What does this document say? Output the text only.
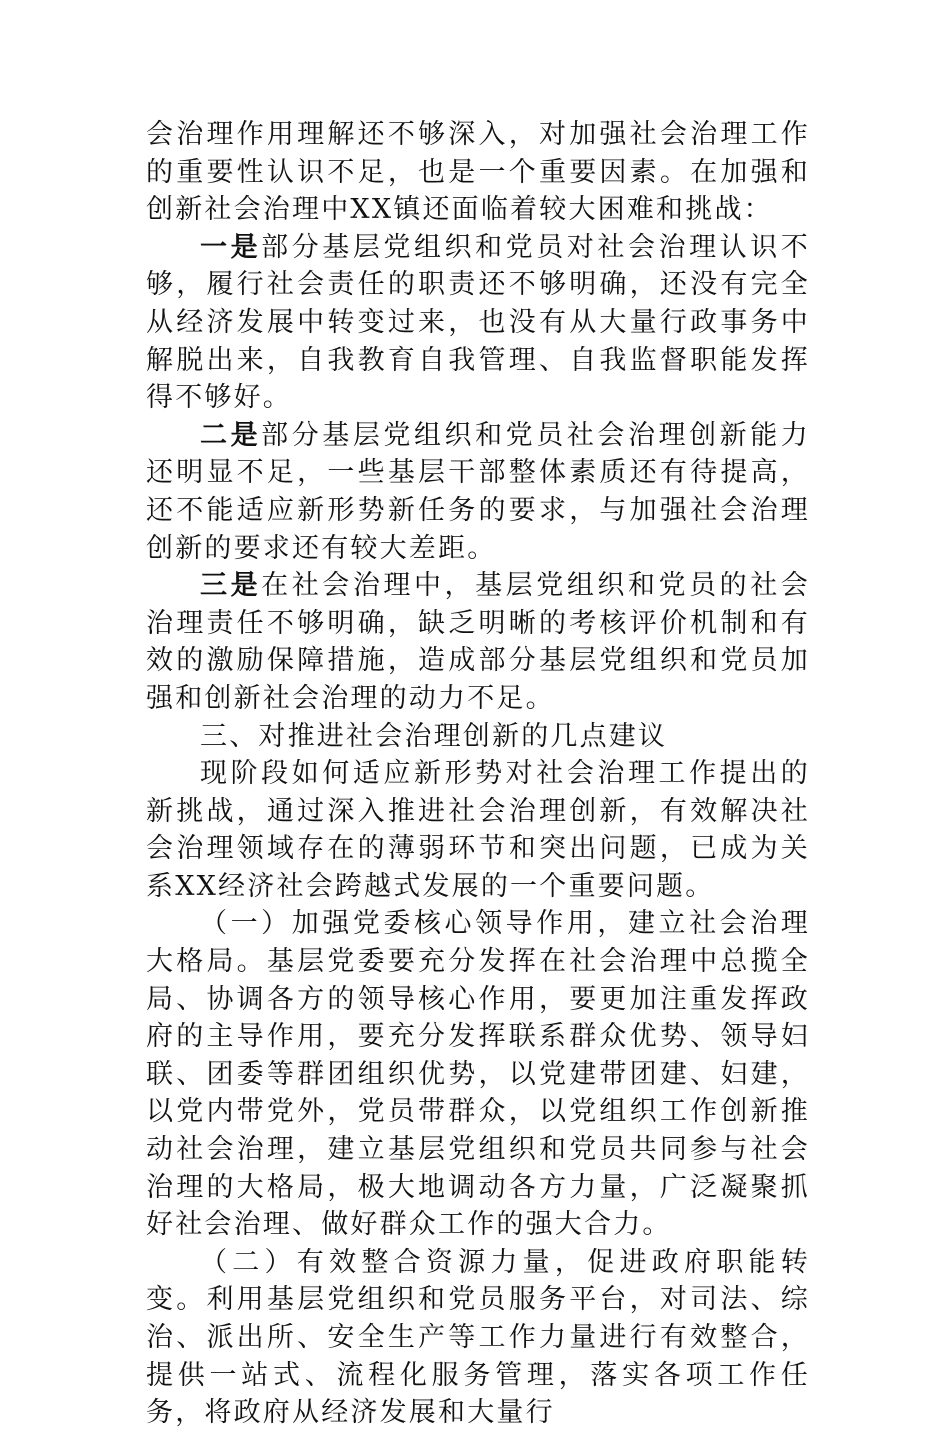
会治理作用理解还不够深入，对加强社会治理工作的重要性认识不足，也是一个重要因素。在加强和创新社会治理中XX镇还面临着较大困难和挑战：

一是部分基层党组织和党员对社会治理认识不够，履行社会责任的职责还不够明确，还没有完全从经济发展中转变过来，也没有从大量行政事务中解脱出来，自我教育自我管理、自我监督职能发挥得不够好。

二是部分基层党组织和党员社会治理创新能力还明显不足，一些基层干部整体素质还有待提高，还不能适应新形势新任务的要求，与加强社会治理创新的要求还有较大差距。

三是在社会治理中，基层党组织和党员的社会治理责任不够明确，缺乏明晰的考核评价机制和有效的激励保障措施，造成部分基层党组织和党员加强和创新社会治理的动力不足。

三、对推进社会治理创新的几点建议

现阶段如何适应新形势对社会治理工作提出的新挑战，通过深入推进社会治理创新，有效解决社会治理领域存在的薄弱环节和突出问题，已成为关系XX经济社会跨越式发展的一个重要问题。

（一）加强党委核心领导作用，建立社会治理大格局。基层党委要充分发挥在社会治理中总揽全局、协调各方的领导核心作用，要更加注重发挥政府的主导作用，要充分发挥联系群众优势、领导妇联、团委等群团组织优势，以党建带团建、妇建，以党内带党外，党员带群众，以党组织工作创新推动社会治理，建立基层党组织和党员共同参与社会治理的大格局，极大地调动各方力量，广泛凝聚抓好社会治理、做好群众工作的强大合力。

（二）有效整合资源力量，促进政府职能转变。利用基层党组织和党员服务平台，对司法、综治、派出所、安全生产等工作力量进行有效整合，提供一站式、流程化服务管理，落实各项工作任务，将政府从经济发展和大量行
